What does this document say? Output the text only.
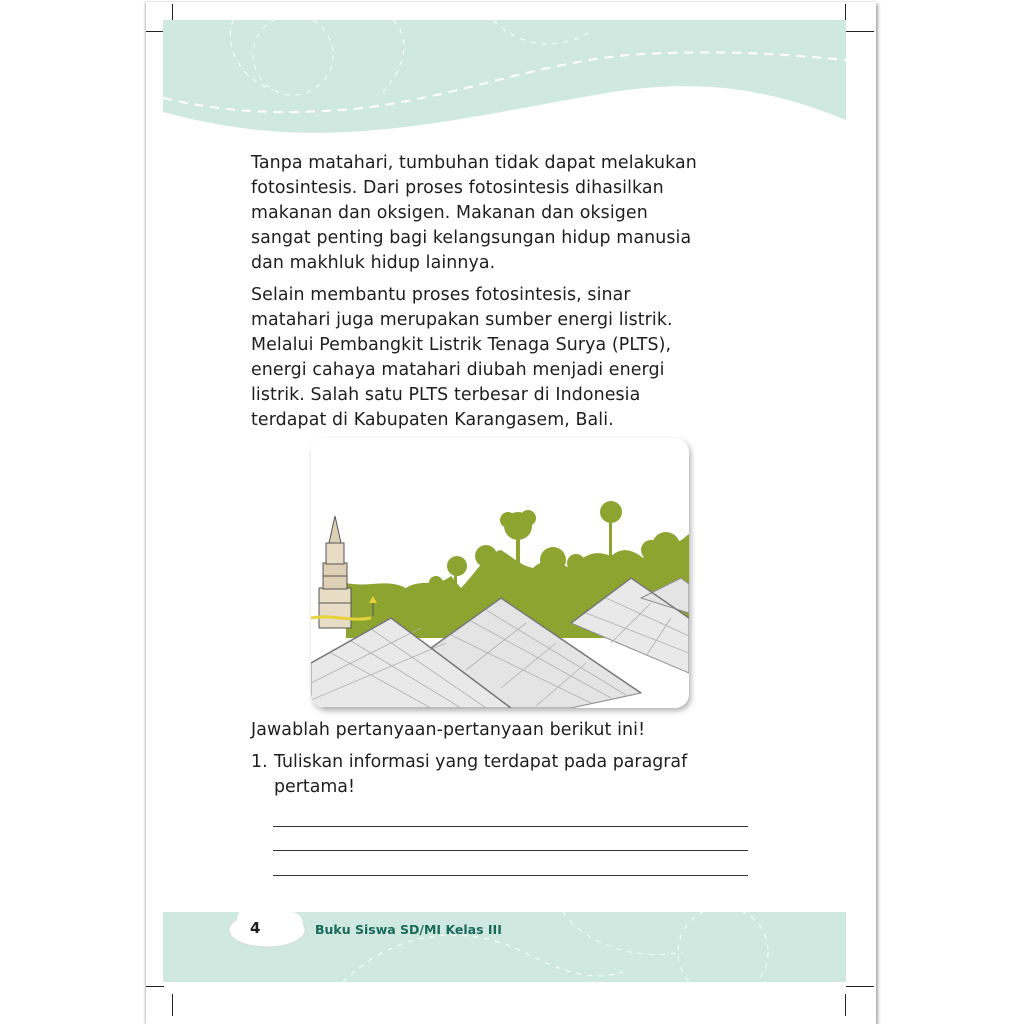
Tanpa matahari, tumbuhan tidak dapat melakukan
fotosintesis. Dari proses fotosintesis dihasilkan
makanan dan oksigen. Makanan dan oksigen
sangat penting bagi kelangsungan hidup manusia
dan makhluk hidup lainnya.
Selain membantu proses fotosintesis, sinar
matahari juga merupakan sumber energi listrik.
Melalui Pembangkit Listrik Tenaga Surya (PLTS),
energi cahaya matahari diubah menjadi energi
listrik. Salah satu PLTS terbesar di Indonesia
terdapat di Kabupaten Karangasem, Bali.
Jawablah pertanyaan-pertanyaan berikut ini!
1. Tuliskan informasi yang terdapat pada paragraf
pertama!
4	Buku Siswa SD/MI Kelas III
